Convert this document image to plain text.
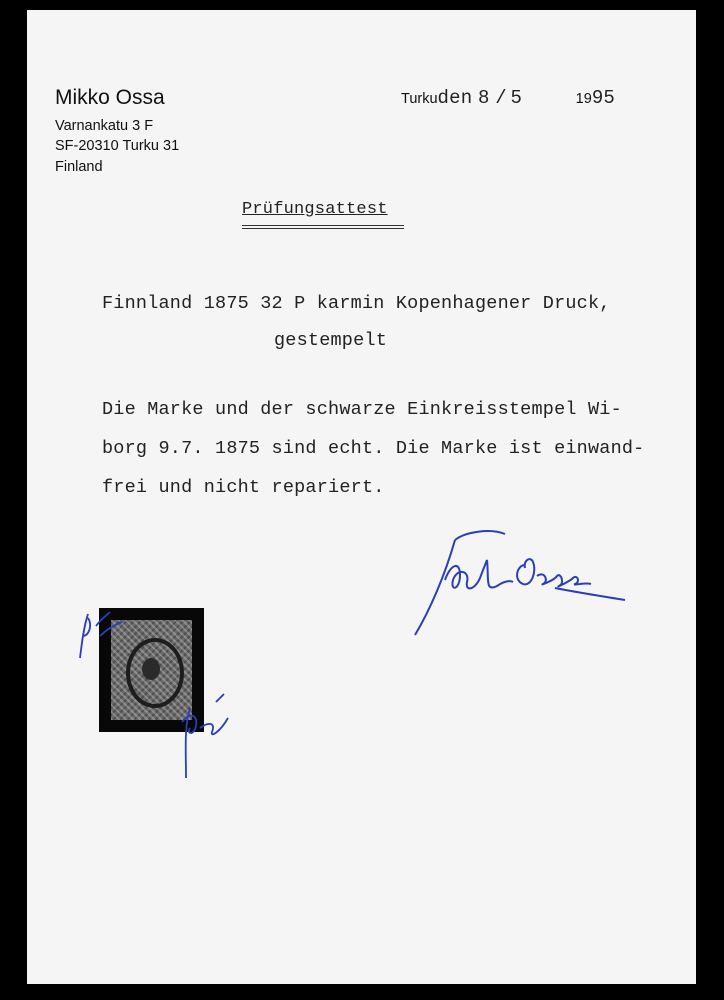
Mikko Ossa
Varnankatu 3 F
SF-20310 Turku 31
Finland
Turkuden 8 / 5	1995
Prüfungsattest
Finnland 1875 32 P karmin Kopenhagener Druck,
gestempelt
Die Marke und der schwarze Einkreisstempel Wi-
borg 9.7. 1875 sind echt. Die Marke ist einwand-
frei und nicht repariert.
